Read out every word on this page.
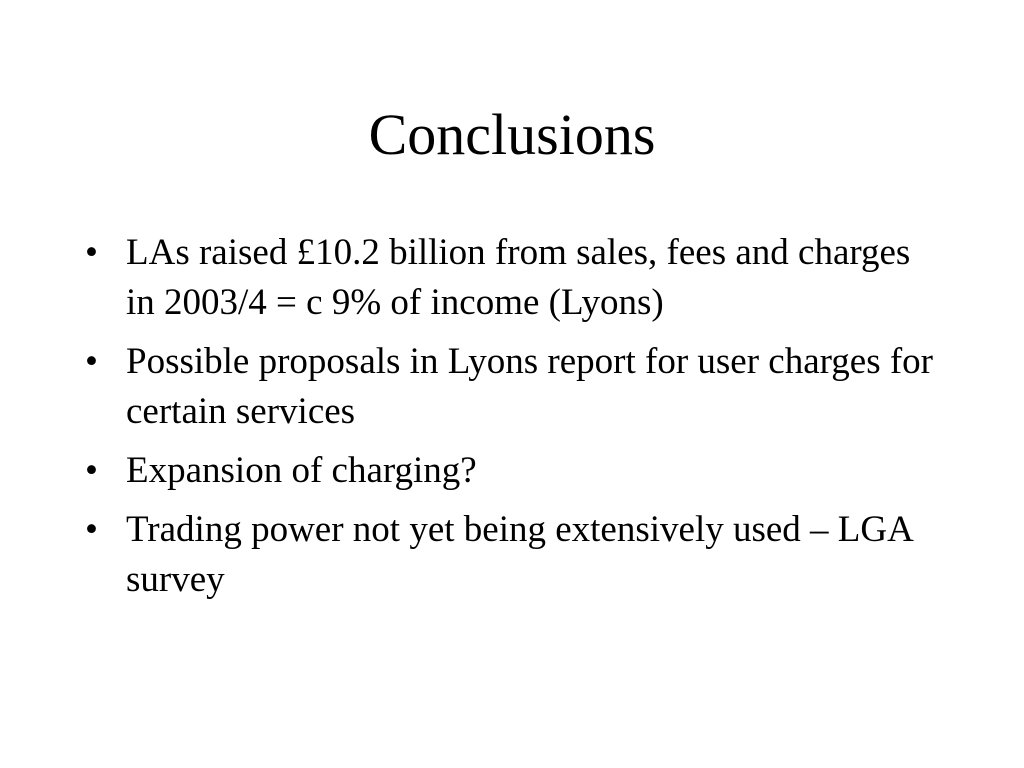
Conclusions
• LAs raised £10.2 billion from sales, fees and charges in 2003/4 = c 9% of income (Lyons)
• Possible proposals in Lyons report for user charges for certain services
• Expansion of charging?
• Trading power not yet being extensively used – LGA survey
